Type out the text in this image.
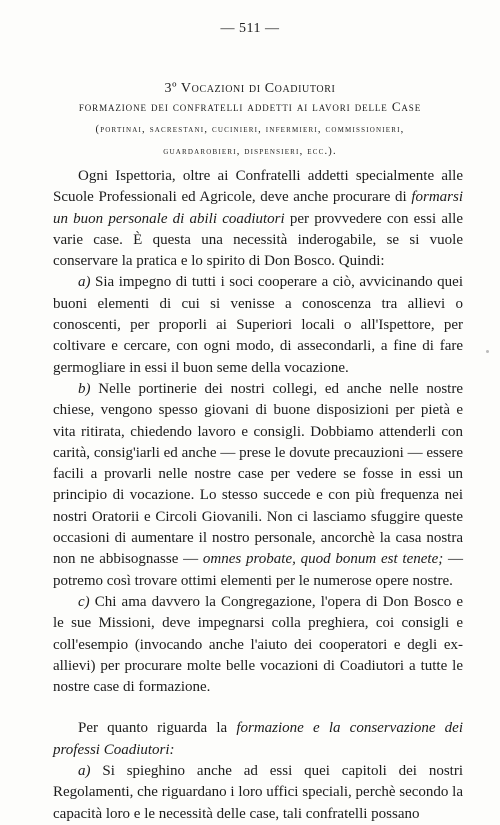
— 511 —
3º Vocazioni di Coadiutori
formazione dei confratelli addetti ai lavori delle Case
(portinai, sacrestani, cucinieri, infermieri, commissionieri,
guardarobieri, dispensieri, ecc.).

Ogni Ispettoria, oltre ai Confratelli addetti specialmente alle Scuole Professionali ed Agricole, deve anche procurare di formarsi un buon personale di abili coadiutori per provvedere con essi alle varie case. È questa una necessità inderogabile, se si vuole conservare la pratica e lo spirito di Don Bosco. Quindi:

a) Sia impegno di tutti i soci cooperare a ciò, avvicinando quei buoni elementi di cui si venisse a conoscenza tra allievi o conoscenti, per proporli ai Superiori locali o all'Ispettore, per coltivare e cercare, con ogni modo, di assecondarli, a fine di fare germogliare in essi il buon seme della vocazione.

b) Nelle portinerie dei nostri collegi, ed anche nelle nostre chiese, vengono spesso giovani di buone disposizioni per pietà e vita ritirata, chiedendo lavoro e consigli. Dobbiamo attenderli con carità, consig'iarli ed anche — prese le dovute precauzioni — essere facili a provarli nelle nostre case per vedere se fosse in essi un principio di vocazione. Lo stesso succede e con più frequenza nei nostri Oratorii e Circoli Giovanili. Non ci lasciamo sfuggire queste occasioni di aumentare il nostro personale, ancorchè la casa nostra non ne abbisognasse — omnes probate, quod bonum est tenete; — potremo così trovare ottimi elementi per le numerose opere nostre.

c) Chi ama davvero la Congregazione, l'opera di Don Bosco e le sue Missioni, deve impegnarsi colla preghiera, coi consigli e coll'esempio (invocando anche l'aiuto dei cooperatori e degli ex-allievi) per procurare molte belle vocazioni di Coadiutori a tutte le nostre case di formazione.

Per quanto riguarda la formazione e la conservazione dei professi Coadiutori:

a) Si spieghino anche ad essi quei capitoli dei nostri Regolamenti, che riguardano i loro uffici speciali, perchè secondo la capacità loro e le necessità delle case, tali confratelli possano
